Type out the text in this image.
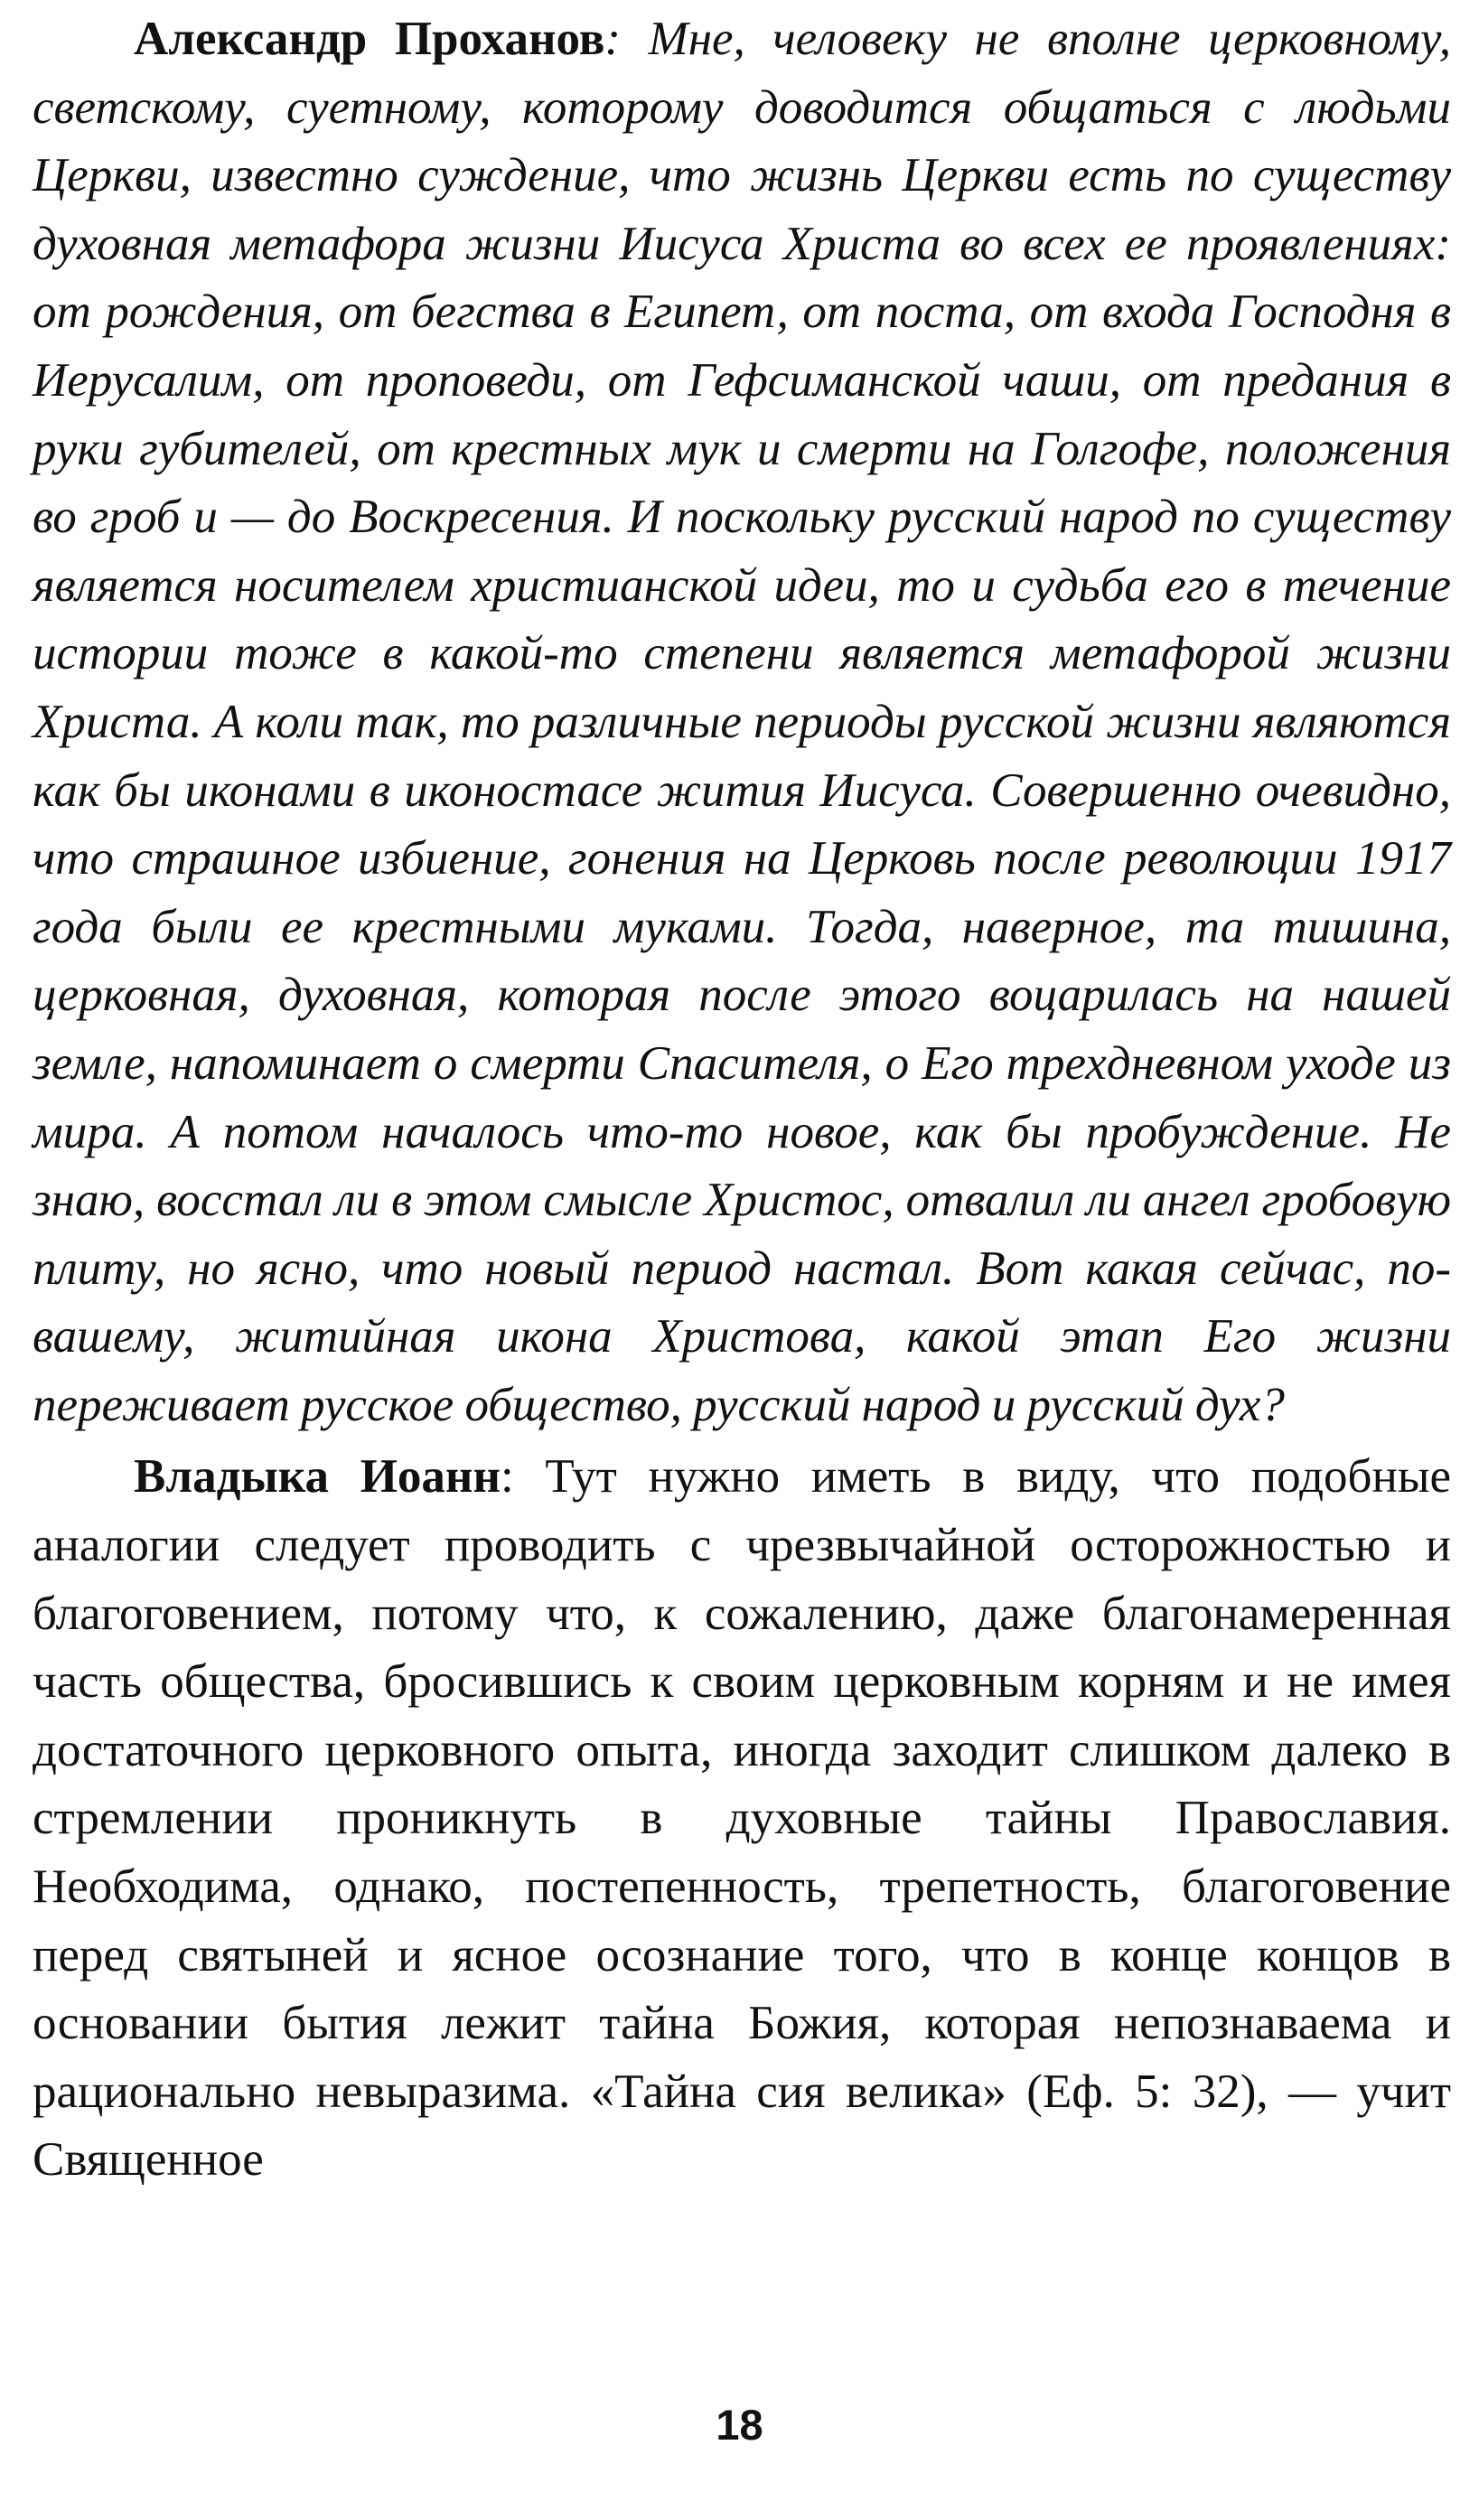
Александр Проханов: Мне, человеку не вполне церковному, светскому, суетному, которому доводится общаться с людьми Церкви, известно суждение, что жизнь Церкви есть по существу духовная метафора жизни Иисуса Христа во всех ее проявлениях: от рождения, от бегства в Египет, от поста, от входа Господня в Иерусалим, от проповеди, от Гефсиманской чаши, от предания в руки губителей, от крестных мук и смерти на Голгофе, положения во гроб и — до Воскресения. И поскольку русский народ по существу является носителем христианской идеи, то и судьба его в течение истории тоже в какой-то степени является метафорой жизни Христа. А коли так, то различные периоды русской жизни являются как бы иконами в иконостасе жития Иисуса. Совершенно очевидно, что страшное избиение, гонения на Церковь после революции 1917 года были ее крестными муками. Тогда, наверное, та тишина, церковная, духовная, которая после этого воцарилась на нашей земле, напоминает о смерти Спасителя, о Его трехдневном уходе из мира. А потом началось что-то новое, как бы пробуждение. Не знаю, восстал ли в этом смысле Христос, отвалил ли ангел гробовую плиту, но ясно, что новый период настал. Вот какая сейчас, по-вашему, житийная икона Христова, какой этап Его жизни переживает русское общество, русский народ и русский дух?

Владыка Иоанн: Тут нужно иметь в виду, что подобные аналогии следует проводить с чрезвычайной осторожностью и благоговением, потому что, к сожалению, даже благонамеренная часть общества, бросившись к своим церковным корням и не имея достаточного церковного опыта, иногда заходит слишком далеко в стремлении проникнуть в духовные тайны Православия. Необходима, однако, постепенность, трепетность, благоговение перед святыней и ясное осознание того, что в конце концов в основании бытия лежит тайна Божия, которая непознаваема и рационально невыразима. «Тайна сия велика» (Еф. 5: 32), — учит Священное

18
